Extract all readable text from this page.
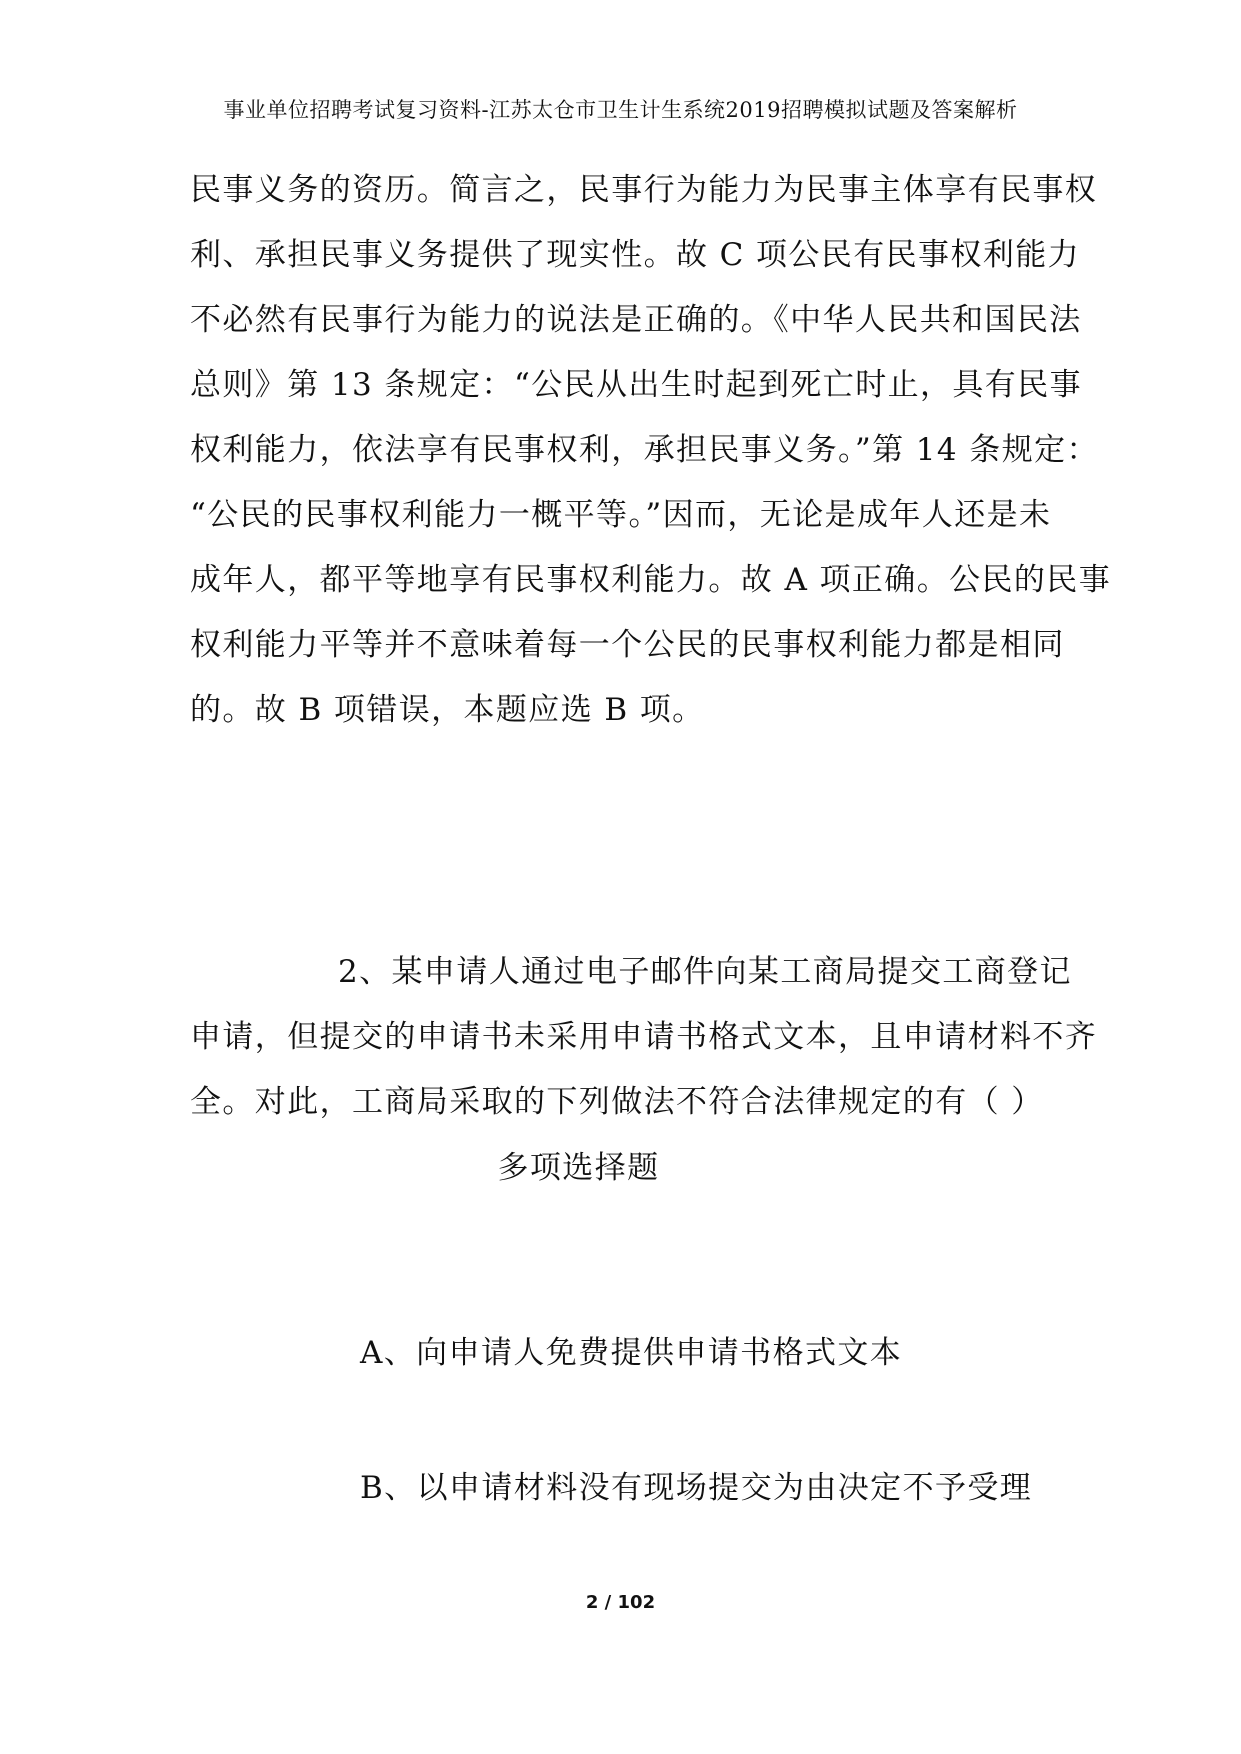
事业单位招聘考试复习资料-江苏太仓市卫生计生系统2019招聘模拟试题及答案解析
民事义务的资历。简言之，民事行为能力为民事主体享有民事权
利、承担民事义务提供了现实性。故 C 项公民有民事权利能力
不必然有民事行为能力的说法是正确的。《中华人民共和国民法
总则》第 13 条规定：“公民从出生时起到死亡时止，具有民事
权利能力，依法享有民事权利，承担民事义务。”第 14 条规定：
“公民的民事权利能力一概平等。”因而，无论是成年人还是未
成年人，都平等地享有民事权利能力。故 A 项正确。公民的民事
权利能力平等并不意味着每一个公民的民事权利能力都是相同
的。故 B 项错误，本题应选 B 项。
2、某申请人通过电子邮件向某工商局提交工商登记
申请，但提交的申请书未采用申请书格式文本，且申请材料不齐
全。对此，工商局采取的下列做法不符合法律规定的有（ ）
多项选择题
A、向申请人免费提供申请书格式文本
B、以申请材料没有现场提交为由决定不予受理
2 / 102
